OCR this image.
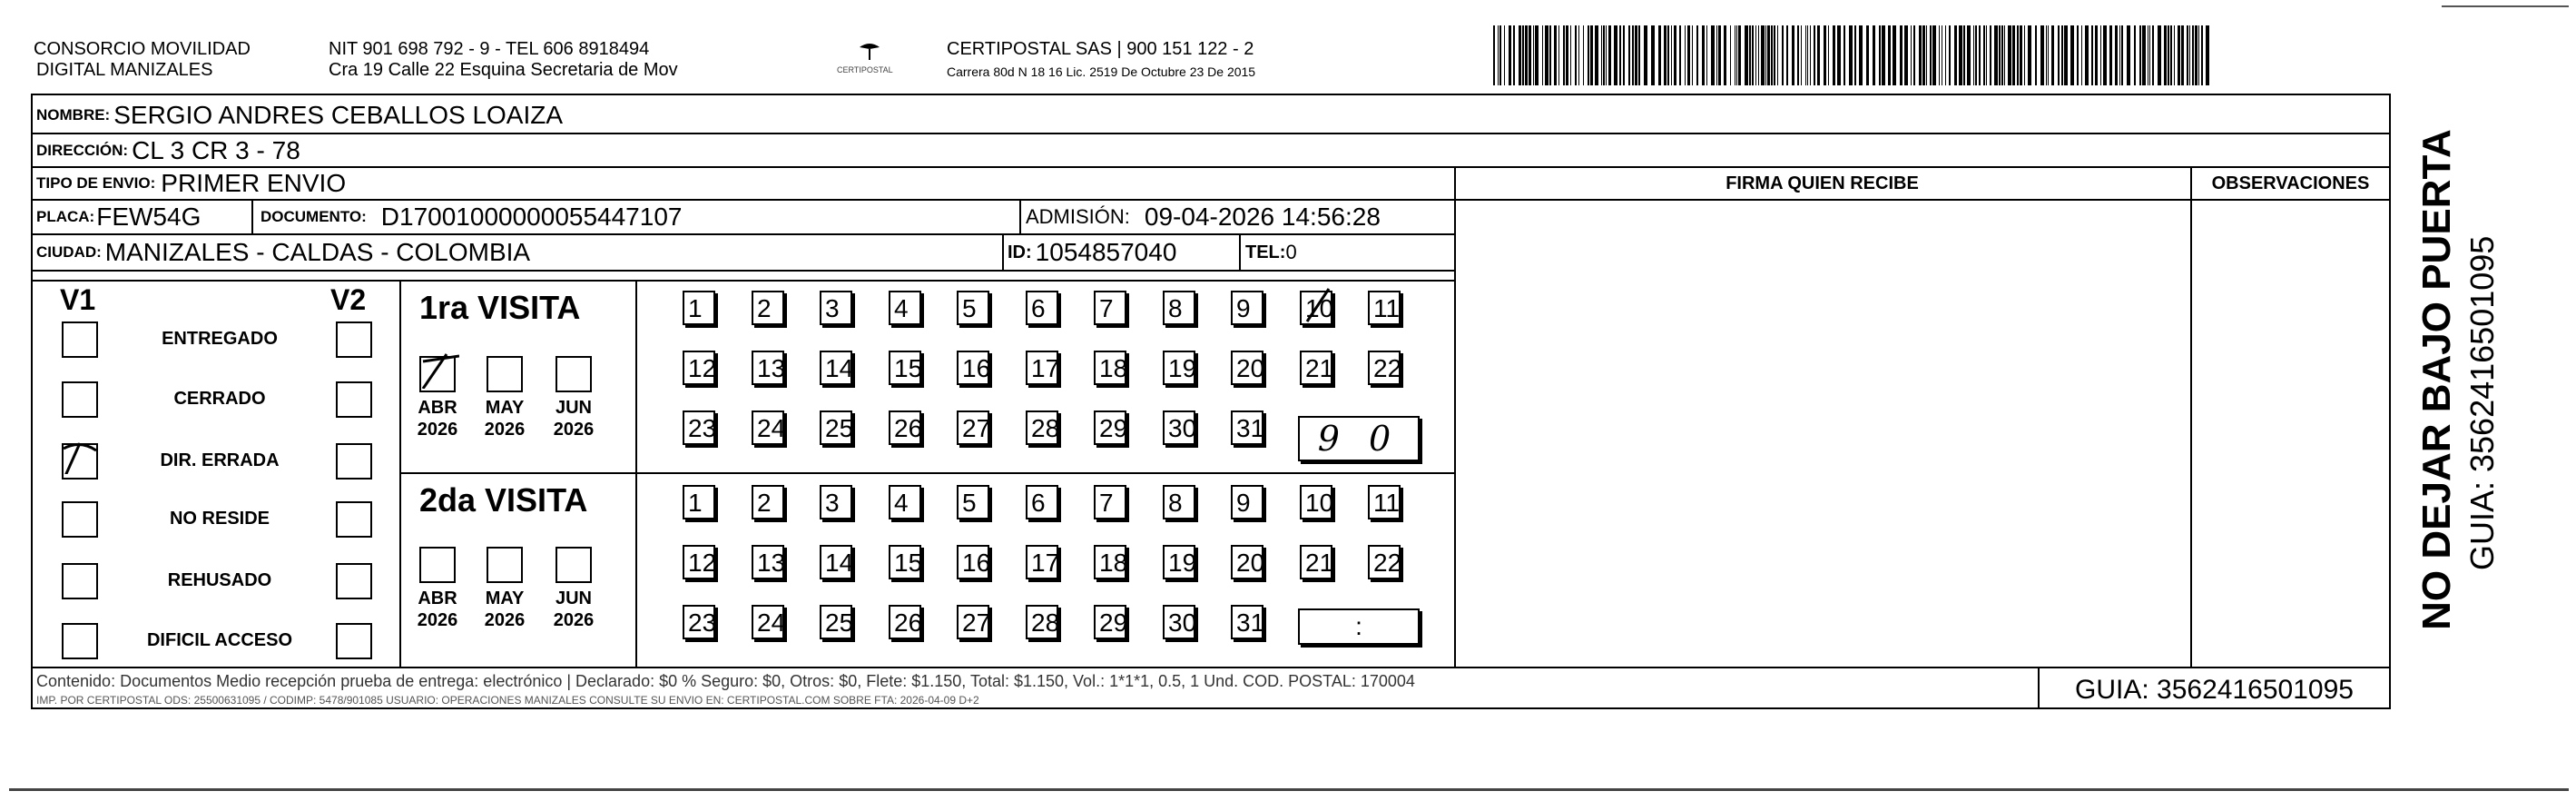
CONSORCIO MOVILIDAD
DIGITAL MANIZALES
NIT 901 698 792 - 9 - TEL 606 8918494
Cra 19 Calle 22 Esquina Secretaria de Mov	CERTIPOSTAL
CERTIPOSTAL SAS | 900 151 122 - 2
Carrera 80d N 18 16 Lic. 2519 De Octubre 23 De 2015
NOMBRE: SERGIO ANDRES CEBALLOS LOAIZA
DIRECCIÓN: CL 3 CR 3 - 78
TIPO DE ENVIO: PRIMER ENVIO	FIRMA QUIEN RECIBE	OBSERVACIONES
PLACA: FEW54G	DOCUMENTO: D17001000000055447107	ADMISIÓN: 09-04-2026 14:56:28
CIUDAD: MANIZALES - CALDAS - COLOMBIA	ID: 1054857040	TEL: 0
V1	V2
ENTREGADO
CERRADO
DIR. ERRADA
NO RESIDE
REHUSADO
DIFICIL ACCESO
1ra VISITA
ABR
2026
MAY
2026
JUN
2026
1	2	3	4	5	6	7	8	9	10 11
12 13 14 15 16 17 18 19 20 21 22
23 24 25 26 27 28 29 30 31	9 0
2da VISITA
ABR
2026
MAY
2026
JUN
2026
1	2	3	4	5	6	7	8	9	10 11
12 13 14 15 16 17 18 19 20 21 22
23 24 25 26 27 28 29 30 31	:	NO DEJAR BAJO PUERTA GUIA: 3562416501095
Contenido: Documentos Medio recepción prueba de entrega: electrónico | Declarado: $0 % Seguro: $0, Otros: $0, Flete: $1.150, Total: $1.150, Vol.: 1*1*1, 0.5, 1 Und. COD. POSTAL: 170004
IMP. POR CERTIPOSTAL ODS: 25500631095 / CODIMP: 5478/901085 USUARIO: OPERACIONES MANIZALES CONSULTE SU ENVIO EN: CERTIPOSTAL.COM SOBRE FTA: 2026-04-09 D+2	GUIA: 3562416501095
